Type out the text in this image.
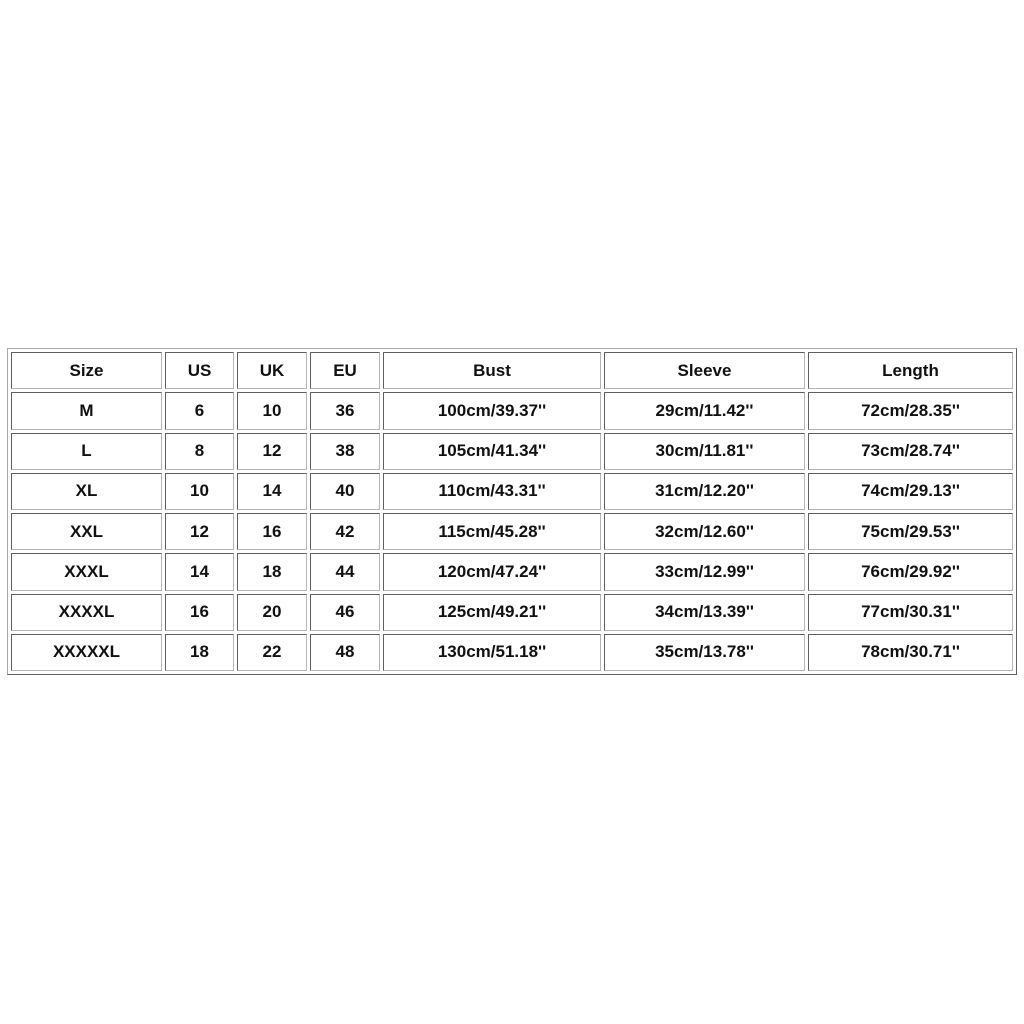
Size	US	UK	EU	Bust	Sleeve	Length
M	6	10	36	100cm/39.37''	29cm/11.42''	72cm/28.35''
L	8	12	38	105cm/41.34''	30cm/11.81''	73cm/28.74''
XL	10	14	40	110cm/43.31''	31cm/12.20''	74cm/29.13''
XXL	12	16	42	115cm/45.28''	32cm/12.60''	75cm/29.53''
XXXL	14	18	44	120cm/47.24''	33cm/12.99''	76cm/29.92''
XXXXL	16	20	46	125cm/49.21''	34cm/13.39''	77cm/30.31''
XXXXXL	18	22	48	130cm/51.18''	35cm/13.78''	78cm/30.71''
